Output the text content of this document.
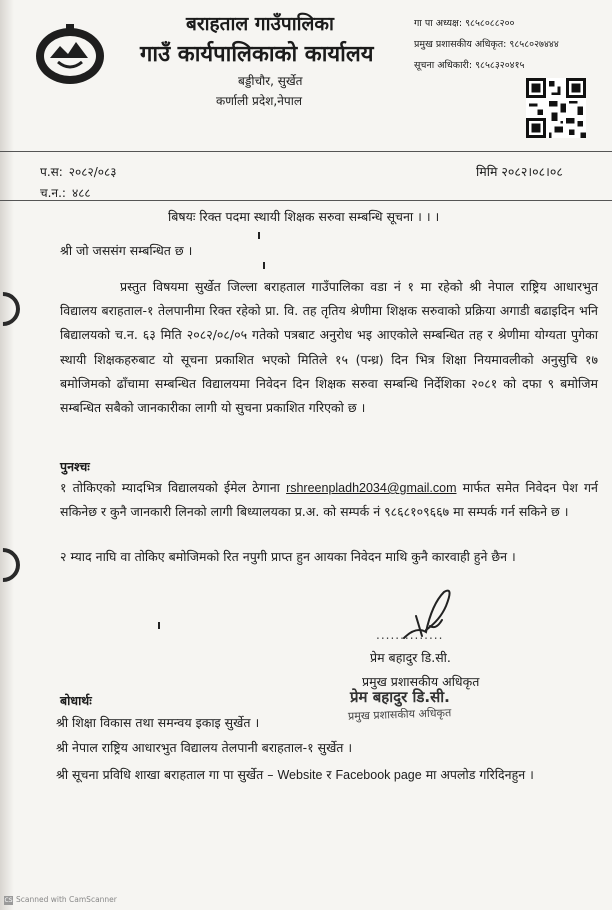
बराहताल गाउँपालिका
गाउँ कार्यपालिकाको कार्यालय
बड्डीचौर, सुर्खेत
कर्णाली प्रदेश,नेपाल
गा पा अध्यक्ष: ९८५८०८८२००
प्रमुख प्रशासकीय अधिकृत: ९८५८०२७४४४
सूचना अधिकारी: ९८५८३२०४१५
प.स: २०८२/०८३
च.न.: ४८८
मिमि २०८२।०८।०८
बिषयः रिक्त पदमा स्थायी शिक्षक सरुवा सम्बन्धि सूचना । । ।
श्री जो जससंग सम्बन्धित छ ।
प्रस्तुत विषयमा सुर्खेत जिल्ला बराहताल गाउँपालिका वडा नं १ मा रहेको श्री नेपाल राष्ट्रिय आधारभुत विद्यालय बराहताल-१ तेलपानीमा रिक्त रहेको प्रा. वि. तह तृतिय श्रेणीमा शिक्षक सरुवाको प्रक्रिया अगाडी बढाइदिन भनि बिद्यालयको च.न. ६३ मिति २०८२/०८/०५ गतेको पत्रबाट अनुरोध भइ आएकोले सम्बन्धित तह र श्रेणीमा योग्यता पुगेका स्थायी शिक्षकहरुबाट यो सूचना प्रकाशित भएको मितिले १५ (पन्ध्र) दिन भित्र शिक्षा नियमावलीको अनुसुचि १७ बमोजिमको ढाँचामा सम्बन्धित विद्यालयमा निवेदन दिन शिक्षक सरुवा सम्बन्धि निर्देशिका २०८१ को दफा ९ बमोजिम सम्बन्धित सबैको जानकारीका लागी यो सुचना प्रकाशित गरिएको छ ।
पुनश्चः
१ तोकिएको म्यादभित्र विद्यालयको ईमेल ठेगाना rshreenpladh2034@gmail.com मार्फत समेत निवेदन पेश गर्न सकिनेछ र कुनै जानकारी लिनको लागी बिध्यालयका प्र.अ. को सम्पर्क नं ९८६८१०९६६७ मा सम्पर्क गर्न सकिने छ ।
२ म्याद नाघि वा तोकिए बमोजिमको रित नपुगी प्राप्त हुन आयका निवेदन माथि कुनै कारवाही हुने छैन ।
..............
प्रेम बहादुर डि.सी.
प्रमुख प्रशासकीय अधिकृत
प्रेम बहादुर डि.सी.
प्रमुख प्रशासकीय अधिकृत
बोधार्थः
श्री शिक्षा विकास तथा समन्वय इकाइ सुर्खेत ।
श्री नेपाल राष्ट्रिय आधारभुत विद्यालय तेलपानी बराहताल-१ सुर्खेत ।
श्री सूचना प्रविधि शाखा बराहताल गा पा सुर्खेत – Website र Facebook page मा अपलोड गरिदिनहुन ।
CS Scanned with CamScanner
